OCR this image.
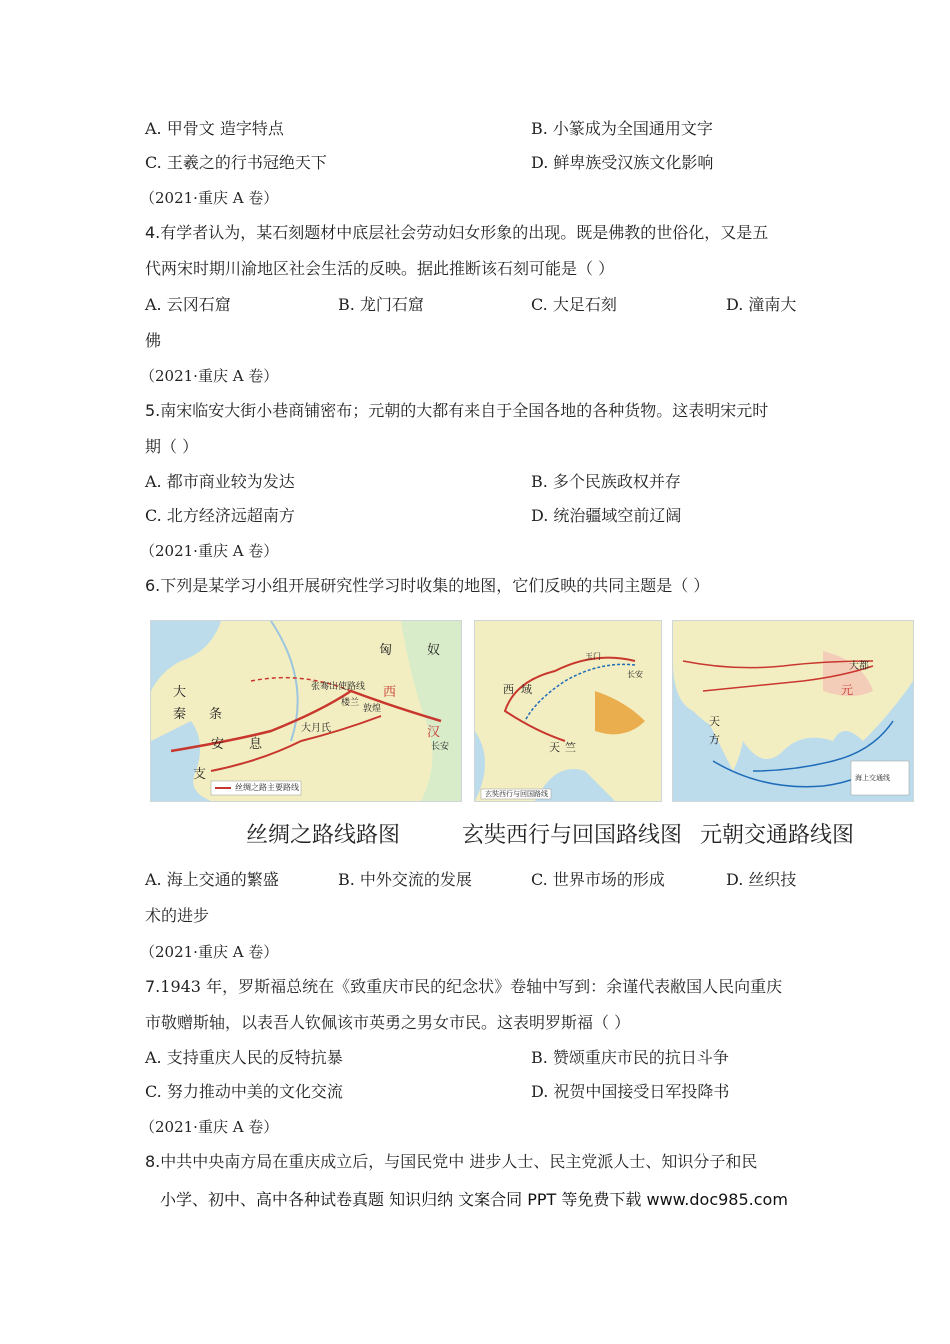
A. 甲骨文 造字特点	B. 小篆成为全国通用文字
C. 王羲之的行书冠绝天下	D. 鲜卑族受汉族文化影响
（2021·重庆 A 卷）
4.有学者认为，某石刻题材中底层社会劳动妇女形象的出现。既是佛教的世俗化，又是五
代两宋时期川渝地区社会生活的反映。据此推断该石刻可能是（ ）
A. 云冈石窟	B. 龙门石窟	C. 大足石刻	D. 潼南大
佛
（2021·重庆 A 卷）
5.南宋临安大街小巷商铺密布；元朝的大都有来自于全国各地的各种货物。这表明宋元时
期（ ）
A. 都市商业较为发达	B. 多个民族政权并存
C. 北方经济远超南方	D. 统治疆域空前辽阔
（2021·重庆 A 卷）
6.下列是某学习小组开展研究性学习时收集的地图，它们反映的共同主题是（ ）
匈	奴
大
秦 条
安 息
支
大月氏
西
汉
长安
敦煌
楼兰
张骞出使路线
丝绸之路主要路线
西 域
天 竺
长安
玉门
玄奘西行与回国路线
大都
元
天
方
海上交通线
丝绸之路线路图	玄奘西行与回国路线图 元朝交通路线图
A. 海上交通的繁盛	B. 中外交流的发展	C. 世界市场的形成	D. 丝织技
术的进步
（2021·重庆 A 卷）
7.1943 年，罗斯福总统在《致重庆市民的纪念状》卷轴中写到：余谨代表敝国人民向重庆
市敬赠斯轴，以表吾人钦佩该市英勇之男女市民。这表明罗斯福（ ）
A. 支持重庆人民的反特抗暴	B. 赞颂重庆市民的抗日斗争
C. 努力推动中美的文化交流	D. 祝贺中国接受日军投降书
（2021·重庆 A 卷）
8.中共中央南方局在重庆成立后，与国民党中 进步人士、民主党派人士、知识分子和民
小学、初中、高中各种试卷真题 知识归纳 文案合同 PPT 等免费下载 www.doc985.com
